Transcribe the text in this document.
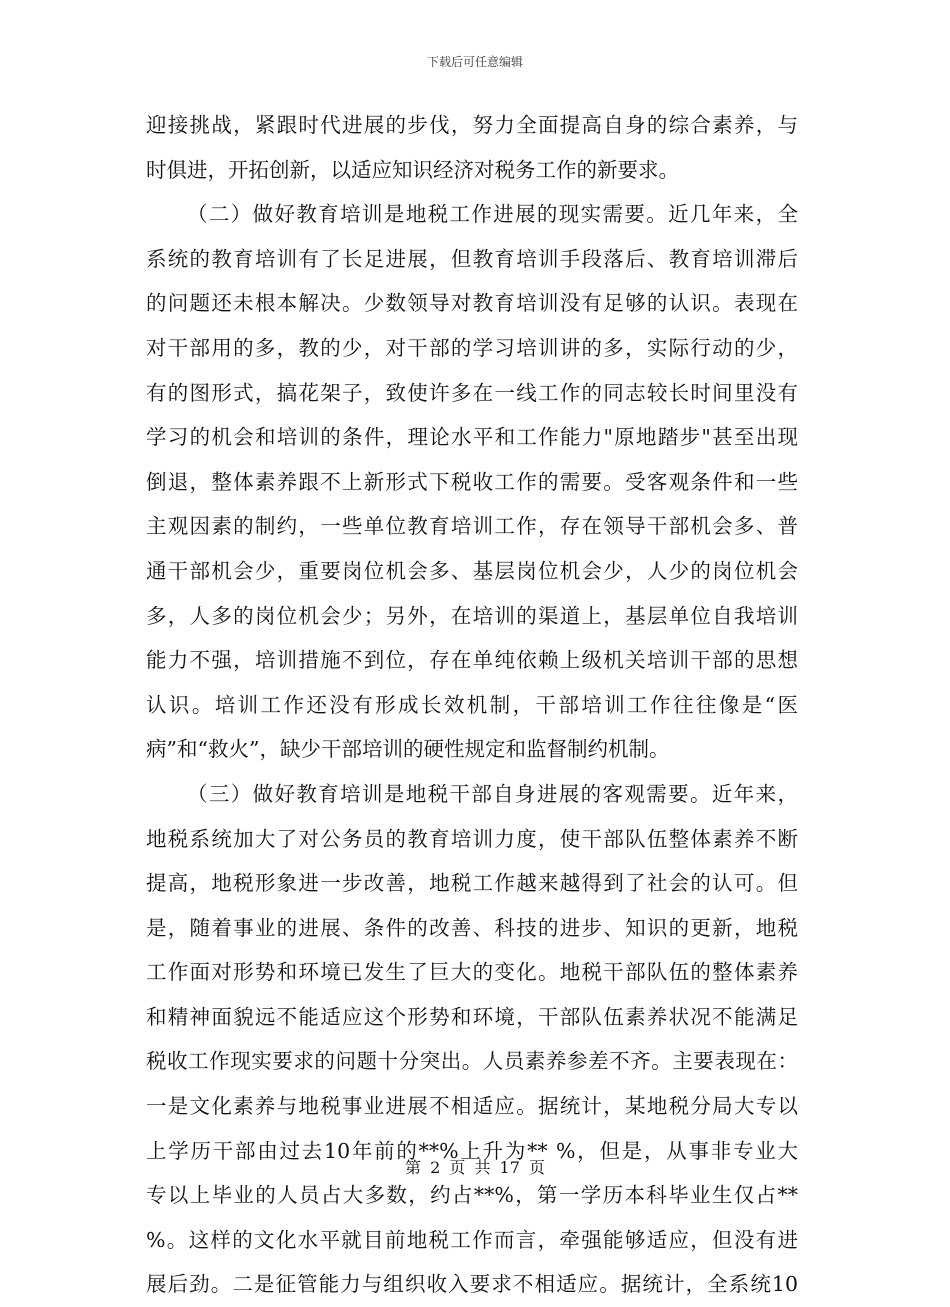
下载后可任意编辑
迎接挑战，紧跟时代进展的步伐，努力全面提高自身的综合素养，与
时俱进，开拓创新，以适应知识经济对税务工作的新要求。
（二）做好教育培训是地税工作进展的现实需要。近几年来，全
系统的教育培训有了长足进展，但教育培训手段落后、教育培训滞后
的问题还未根本解决。少数领导对教育培训没有足够的认识。表现在
对干部用的多，教的少，对干部的学习培训讲的多，实际行动的少，
有的图形式，搞花架子，致使许多在一线工作的同志较长时间里没有
学习的机会和培训的条件，理论水平和工作能力"原地踏步"甚至出现
倒退，整体素养跟不上新形式下税收工作的需要。受客观条件和一些
主观因素的制约，一些单位教育培训工作，存在领导干部机会多、普
通干部机会少，重要岗位机会多、基层岗位机会少，人少的岗位机会
多，人多的岗位机会少；另外，在培训的渠道上，基层单位自我培训
能力不强，培训措施不到位，存在单纯依赖上级机关培训干部的思想
认识。培训工作还没有形成长效机制，干部培训工作往往像是“医
病”和“救火”，缺少干部培训的硬性规定和监督制约机制。
（三）做好教育培训是地税干部自身进展的客观需要。近年来，
地税系统加大了对公务员的教育培训力度，使干部队伍整体素养不断
提高，地税形象进一步改善，地税工作越来越得到了社会的认可。但
是，随着事业的进展、条件的改善、科技的进步、知识的更新，地税
工作面对形势和环境已发生了巨大的变化。地税干部队伍的整体素养
和精神面貌远不能适应这个形势和环境，干部队伍素养状况不能满足
税收工作现实要求的问题十分突出。人员素养参差不齐。主要表现在：
一是文化素养与地税事业进展不相适应。据统计，某地税分局大专以
上学历干部由过去10年前的**%上升为** %，但是，从事非专业大
专以上毕业的人员占大多数，约占**%，第一学历本科毕业生仅占**
%。这样的文化水平就目前地税工作而言，牵强能够适应，但没有进
展后劲。二是征管能力与组织收入要求不相适应。据统计，全系统10
第 2 页 共 17 页
